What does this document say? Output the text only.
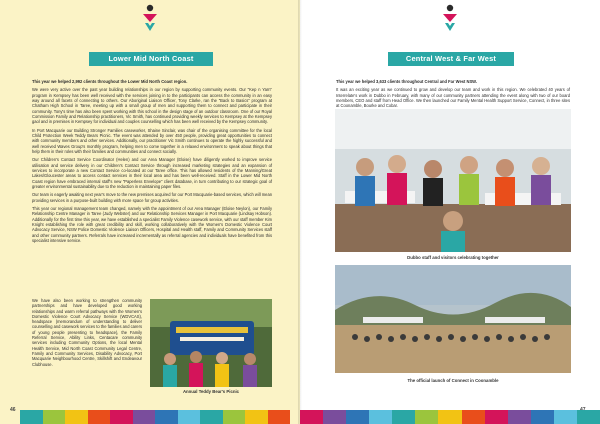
Lower Mid North Coast

This year we helped 2,992 clients throughout the Lower Mid North Coast region.

We were very active over the past year building relationships in our region by supporting community events. Our "Kep n Yarn" program in Kempsey has been well received with the services joining in to the participants can access the community in an easy way around all facets of connecting to others. Our Aboriginal Liaison Officer, Tony Clarke, ran the "Back to Basics" program at Chatham High School in Taree, meeting up with a small group of men and supporting them to connect and participate in their community. Tony's time has also been spent working with this school in the design stage of an outdoor classroom. One of our Royal Commission Family and Relationship practitioners, Vic Smith, has continued providing weekly services to Kempsey at the Kempsey gaol and in premises in Kempsey for individual and couples counselling which has been well received by the Kempsey community.

In Port Macquarie our Building Stronger Families caseworker, Shaine Sinclair, was chair of the organising committee for the local Child Protection Week Teddy Bears Picnic. The event was attended by over 450 people, providing great opportunities to connect with community members and other services. Additionally, our practitioner Vic Smith continues to operate the highly successful and well received Waves Group's monthly program, helping men to come together in a relaxed environment to speak about things that help them in their roles with their families and communities and connect socially.

Our Children's Contact Service Coordinator (Helen) and our Area Manager (Eloise) have diligently worked to improve service utilisation and service delivery in our Children's Contact Service through increased marketing strategies and an expansion of services to incorporate a new Contact Service co-located at our Taree office. This has allowed residents of the Manning/Great Lakes/Gloucester areas to access contact services in their local area and has been well-received. Staff in the Lower Mid North Coast region have embraced internal staff's new "Paperless Envelope" client database, in turn contributing to our strategic goal of greater environmental sustainability due to the reduction in maintaining paper files.

Our team is eagerly awaiting next year's move to the new premises acquired for our Port Macquarie-based services, which will mean providing services in a purpose-built building with more space for group activities.

This year our regional management team changed, namely with the appointment of our Area Manager (Eloise Neylon), our Family Relationship Centre Manager in Taree (Judy Webster) and our Relationship Services Manager in Port Macquarie (Lindsay Hobson). Additionally for the first time this year, we have established a specialist Family Violence casework service, with our staff member Kim Knight establishing the role with great credibility and skill, working collaboratively with the Women's Domestic Violence Court Advocacy Service, NSW Police Domestic Violence Liaison Officers, Hospital and Health staff, Family and Community Services staff and other community partners. Referrals have increased incrementally as referral agencies and individuals have benefited from this specialist intensive service.

We have also been working to strengthen community partnerships and have developed good working relationships and warm referral pathways with the Women's Domestic Violence Court Advocacy Service (WDVCAS), headspace (memorandum of understanding to deliver counselling and casework services to the families and carers of young people presenting to headspace), the Family Referral Service, Ability Links, Centacare community services including Community Options, the local Mental Health Service, Mid North Coast Community Legal Centre, Family and Community Services, Disability Advocacy, Port Macquarie Neighbourhood Centre, Skillshift and Endeavour Clubhouse.

Annual Teddy Bear's Picnic
46
Central West & Far West

This year we helped 3,633 clients throughout Central and Far West NSW.

It was an exciting year as we continued to grow and develop our team and work in this region. We celebrated 40 years of Interrelate's work in Dubbo in February, with many of our community partners attending the event along with two of our board members, CEO and staff from Head Office. We then launched our Family Mental Health Support Service, Connect, in three sites at Coonamble, Bourke and Cobar.

Dubbo staff and visitors celebrating together
The official launch of Connect in Coonamble
